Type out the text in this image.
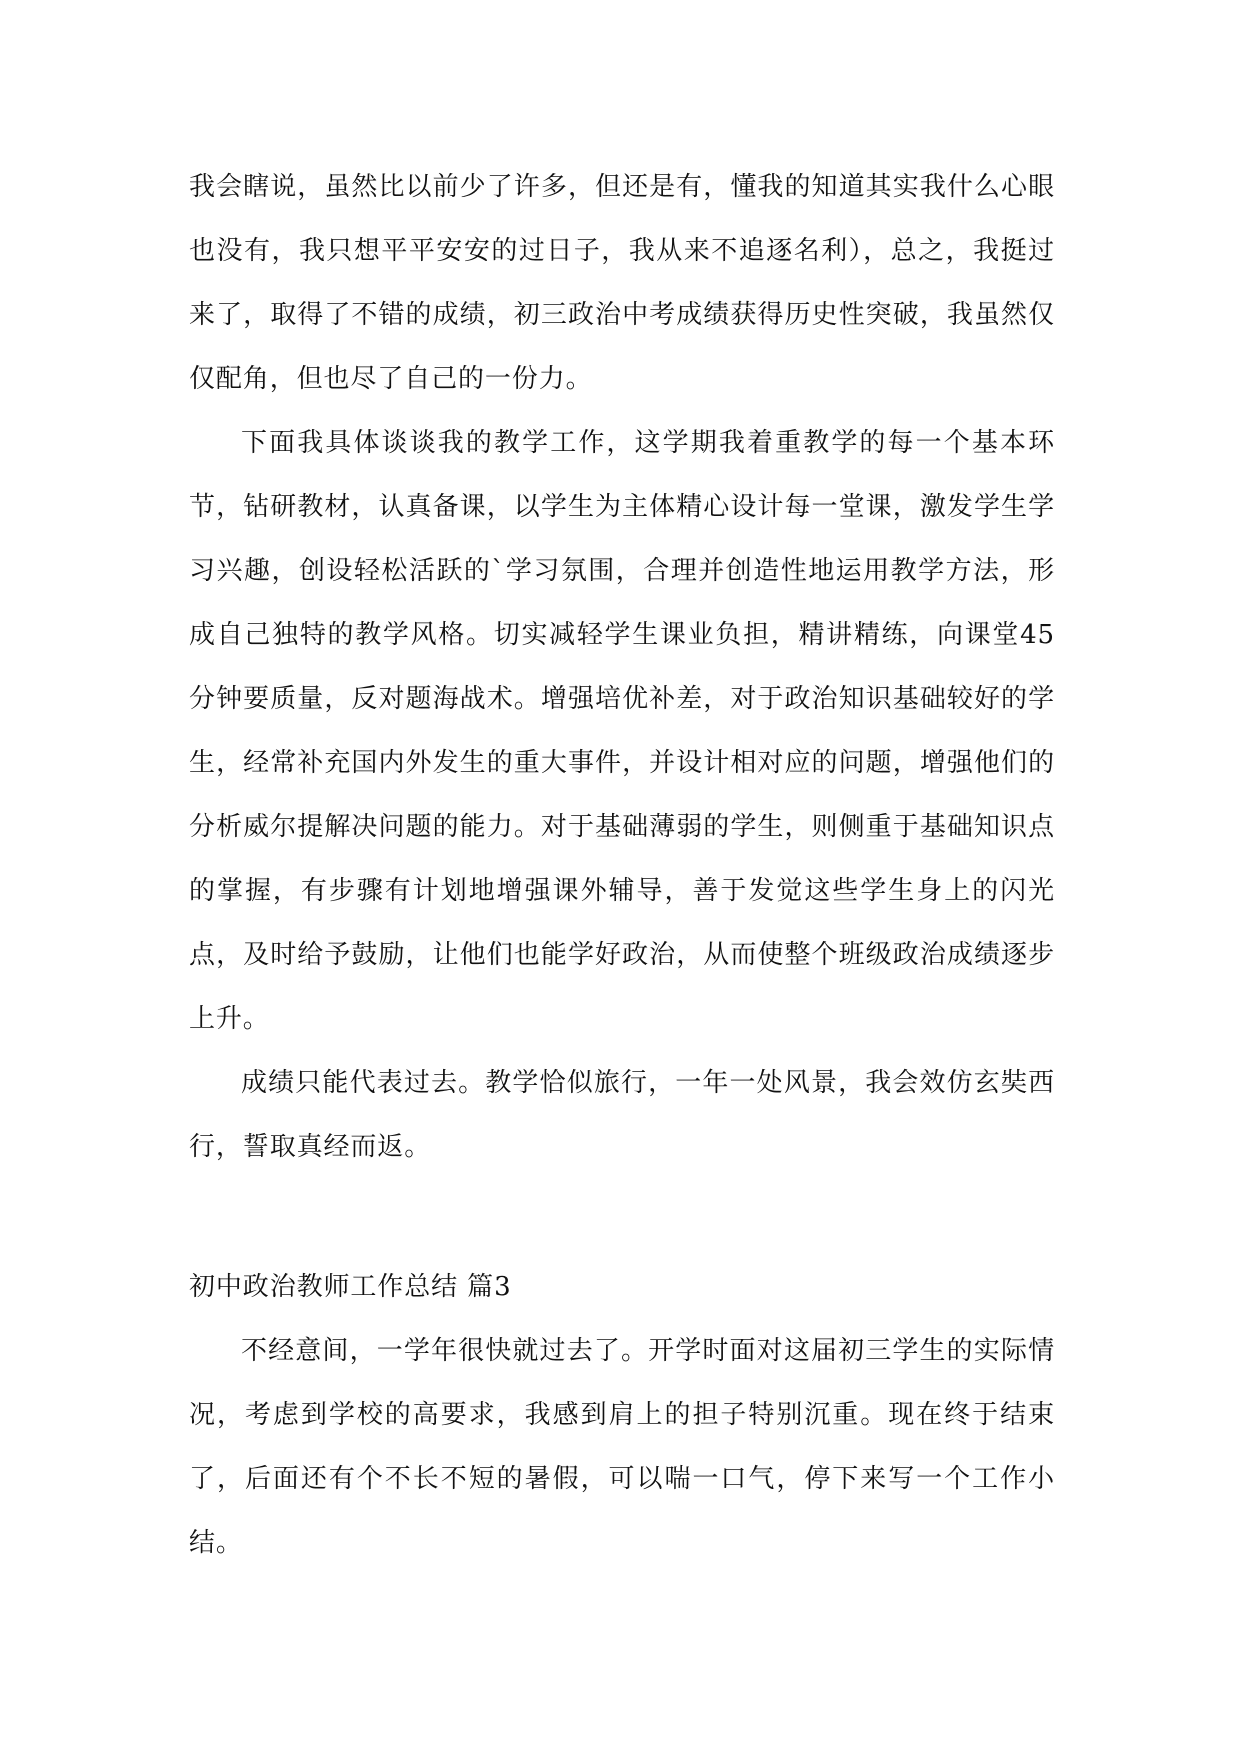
我会瞎说，虽然比以前少了许多，但还是有，懂我的知道其实我什么心眼也没有，我只想平平安安的过日子，我从来不追逐名利），总之，我挺过来了，取得了不错的成绩，初三政治中考成绩获得历史性突破，我虽然仅仅配角，但也尽了自己的一份力。

下面我具体谈谈我的教学工作，这学期我着重教学的每一个基本环节，钻研教材，认真备课，以学生为主体精心设计每一堂课，激发学生学习兴趣，创设轻松活跃的`学习氛围，合理并创造性地运用教学方法，形成自己独特的教学风格。切实减轻学生课业负担，精讲精练，向课堂45分钟要质量，反对题海战术。增强培优补差，对于政治知识基础较好的学生，经常补充国内外发生的重大事件，并设计相对应的问题，增强他们的分析威尔提解决问题的能力。对于基础薄弱的学生，则侧重于基础知识点的掌握，有步骤有计划地增强课外辅导，善于发觉这些学生身上的闪光点，及时给予鼓励，让他们也能学好政治，从而使整个班级政治成绩逐步上升。

成绩只能代表过去。教学恰似旅行，一年一处风景，我会效仿玄奘西行，誓取真经而返。

初中政治教师工作总结 篇3

不经意间，一学年很快就过去了。开学时面对这届初三学生的实际情况，考虑到学校的高要求，我感到肩上的担子特别沉重。现在终于结束了，后面还有个不长不短的暑假，可以喘一口气，停下来写一个工作小结。
